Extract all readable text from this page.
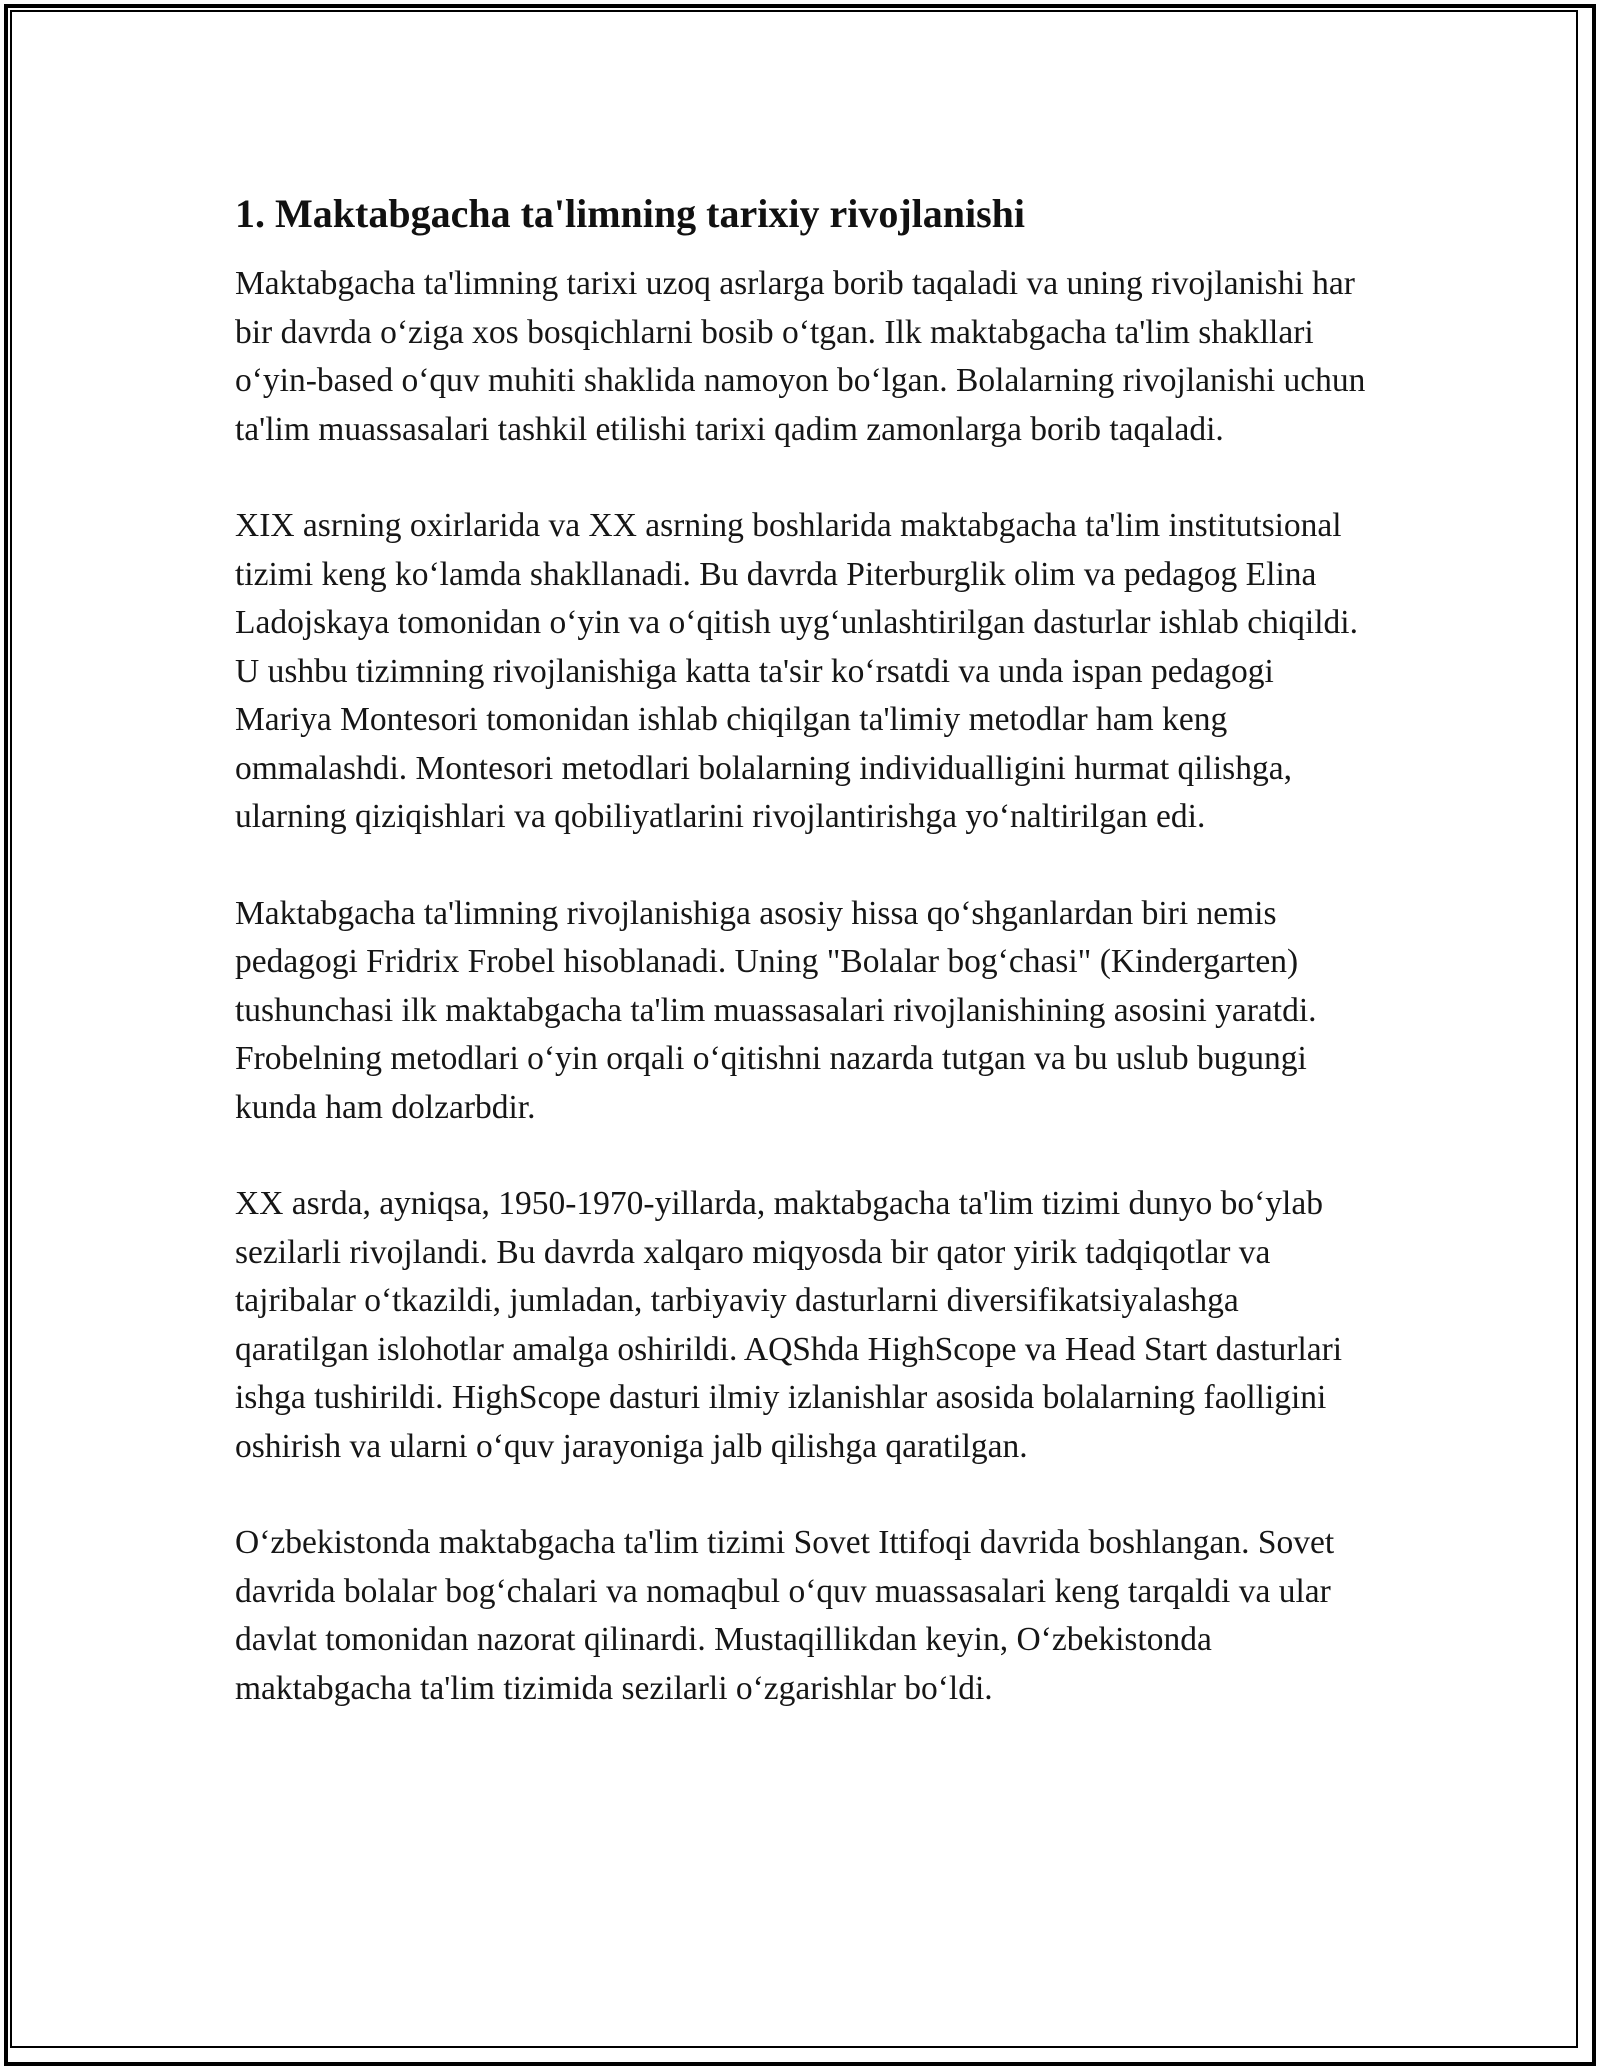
1. Maktabgacha ta'limning tarixiy rivojlanishi

Maktabgacha ta'limning tarixi uzoq asrlarga borib taqaladi va uning rivojlanishi har bir davrda o‘ziga xos bosqichlarni bosib o‘tgan. Ilk maktabgacha ta'lim shakllari o‘yin-based o‘quv muhiti shaklida namoyon bo‘lgan. Bolalarning rivojlanishi uchun ta'lim muassasalari tashkil etilishi tarixi qadim zamonlarga borib taqaladi.

XIX asrning oxirlarida va XX asrning boshlarida maktabgacha ta'lim institutsional tizimi keng ko‘lamda shakllanadi. Bu davrda Piterburglik olim va pedagog Elina Ladojskaya tomonidan o‘yin va o‘qitish uyg‘unlashtirilgan dasturlar ishlab chiqildi. U ushbu tizimning rivojlanishiga katta ta'sir ko‘rsatdi va unda ispan pedagogi Mariya Montesori tomonidan ishlab chiqilgan ta'limiy metodlar ham keng ommalashdi. Montesori metodlari bolalarning individualligini hurmat qilishga, ularning qiziqishlari va qobiliyatlarini rivojlantirishga yo‘naltirilgan edi.

Maktabgacha ta'limning rivojlanishiga asosiy hissa qo‘shganlardan biri nemis pedagogi Fridrix Frobel hisoblanadi. Uning "Bolalar bog‘chasi" (Kindergarten) tushunchasi ilk maktabgacha ta'lim muassasalari rivojlanishining asosini yaratdi. Frobelning metodlari o‘yin orqali o‘qitishni nazarda tutgan va bu uslub bugungi kunda ham dolzarbdir.

XX asrda, ayniqsa, 1950-1970-yillarda, maktabgacha ta'lim tizimi dunyo bo‘ylab sezilarli rivojlandi. Bu davrda xalqaro miqyosda bir qator yirik tadqiqotlar va tajribalar o‘tkazildi, jumladan, tarbiyaviy dasturlarni diversifikatsiyalashga qaratilgan islohotlar amalga oshirildi. AQShda HighScope va Head Start dasturlari ishga tushirildi. HighScope dasturi ilmiy izlanishlar asosida bolalarning faolligini oshirish va ularni o‘quv jarayoniga jalb qilishga qaratilgan.

O‘zbekistonda maktabgacha ta'lim tizimi Sovet Ittifoqi davrida boshlangan. Sovet davrida bolalar bog‘chalari va nomaqbul o‘quv muassasalari keng tarqaldi va ular davlat tomonidan nazorat qilinardi. Mustaqillikdan keyin, O‘zbekistonda maktabgacha ta'lim tizimida sezilarli o‘zgarishlar bo‘ldi.
